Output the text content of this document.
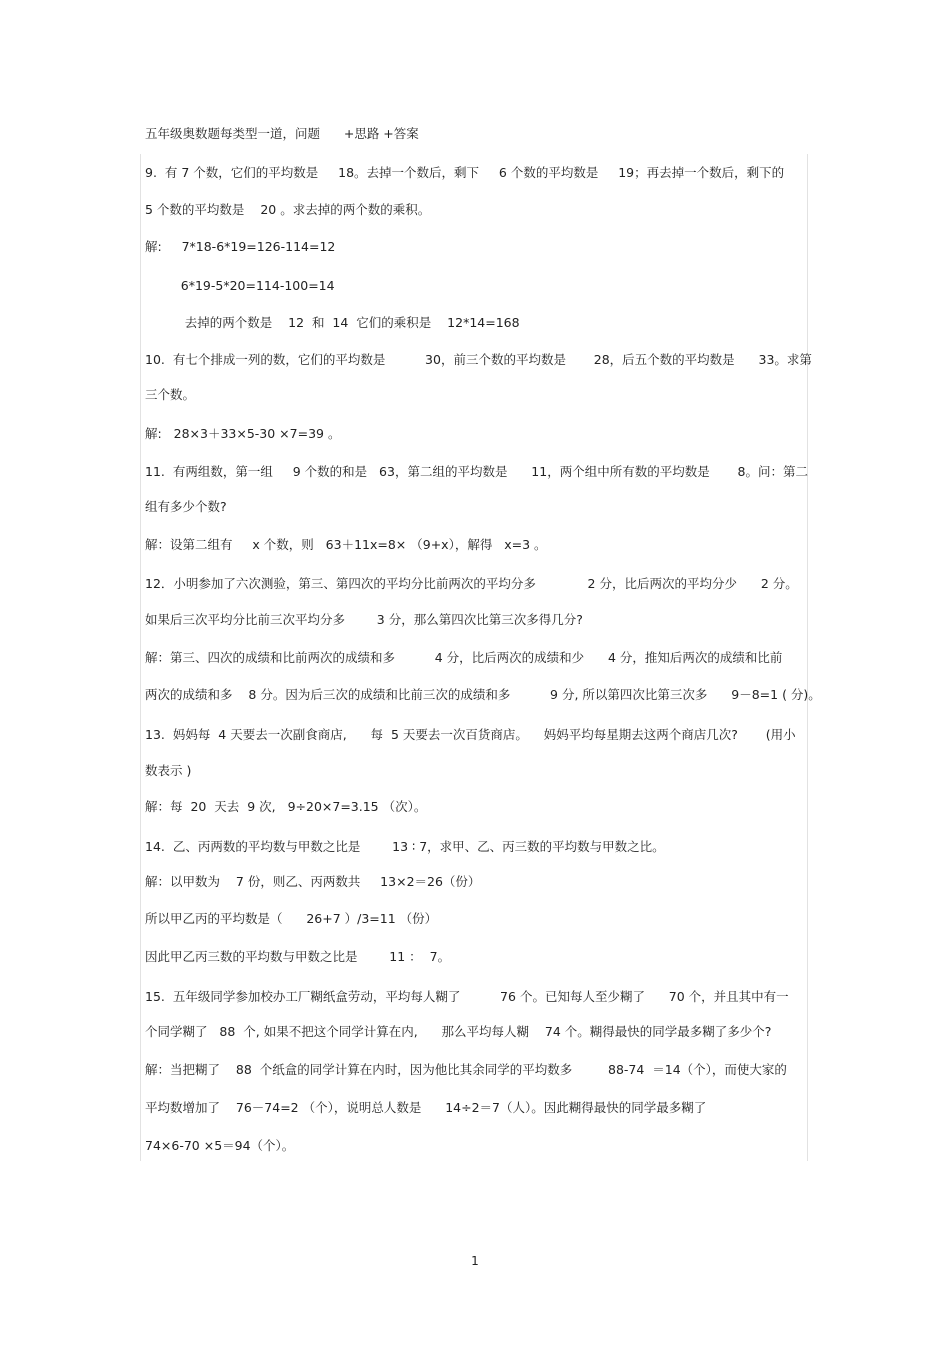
五年级奥数题每类型一道，问题      +思路 +答案
9.  有 7 个数，它们的平均数是     18。去掉一个数后，剩下     6 个数的平均数是     19；再去掉一个数后，剩下的
5 个数的平均数是    20 。求去掉的两个数的乘积。
解:     7*18-6*19=126-114=12
6*19-5*20=114-100=14
去掉的两个数是    12  和  14  它们的乘积是    12*14=168
10.  有七个排成一列的数，它们的平均数是          30，前三个数的平均数是       28，后五个数的平均数是      33。求第
三个数。
解:   28×3＋33×5-30 ×7=39 。
11.  有两组数，第一组     9 个数的和是   63，第二组的平均数是      11，两个组中所有数的平均数是       8。问：第二
组有多少个数?
解：设第二组有     x 个数，则   63＋11x=8× （9+x），解得   x=3 。
12．小明参加了六次测验，第三、第四次的平均分比前两次的平均分多             2 分，比后两次的平均分少      2 分。
如果后三次平均分比前三次平均分多        3 分，那么第四次比第三次多得几分?
解：第三、四次的成绩和比前两次的成绩和多          4 分，比后两次的成绩和少      4 分，推知后两次的成绩和比前
两次的成绩和多    8 分。因为后三次的成绩和比前三次的成绩和多          9 分, 所以第四次比第三次多      9－8=1 ( 分)。
13.  妈妈每  4 天要去一次副食商店,      每  5 天要去一次百货商店。    妈妈平均每星期去这两个商店几次?       (用小
数表示 )
解：每  20  天去  9 次,   9÷20×7=3.15 （次）。
14.  乙、丙两数的平均数与甲数之比是        13 ∶ 7，求甲、乙、丙三数的平均数与甲数之比。
解：以甲数为    7 份，则乙、丙两数共     13×2＝26（份）
所以甲乙丙的平均数是（      26+7 ）/3=11 （份）
因此甲乙丙三数的平均数与甲数之比是        11 ：  7。
15.  五年级同学参加校办工厂糊纸盒劳动，平均每人糊了          76 个。已知每人至少糊了      70 个，并且其中有一
个同学糊了   88  个, 如果不把这个同学计算在内,      那么平均每人糊    74 个。糊得最快的同学最多糊了多少个?
解：当把糊了    88  个纸盒的同学计算在内时，因为他比其余同学的平均数多         88-74  ＝14（个），而使大家的
平均数增加了    76－74=2 （个），说明总人数是      14÷2＝7（人）。因此糊得最快的同学最多糊了
74×6-70 ×5＝94（个）。
1
